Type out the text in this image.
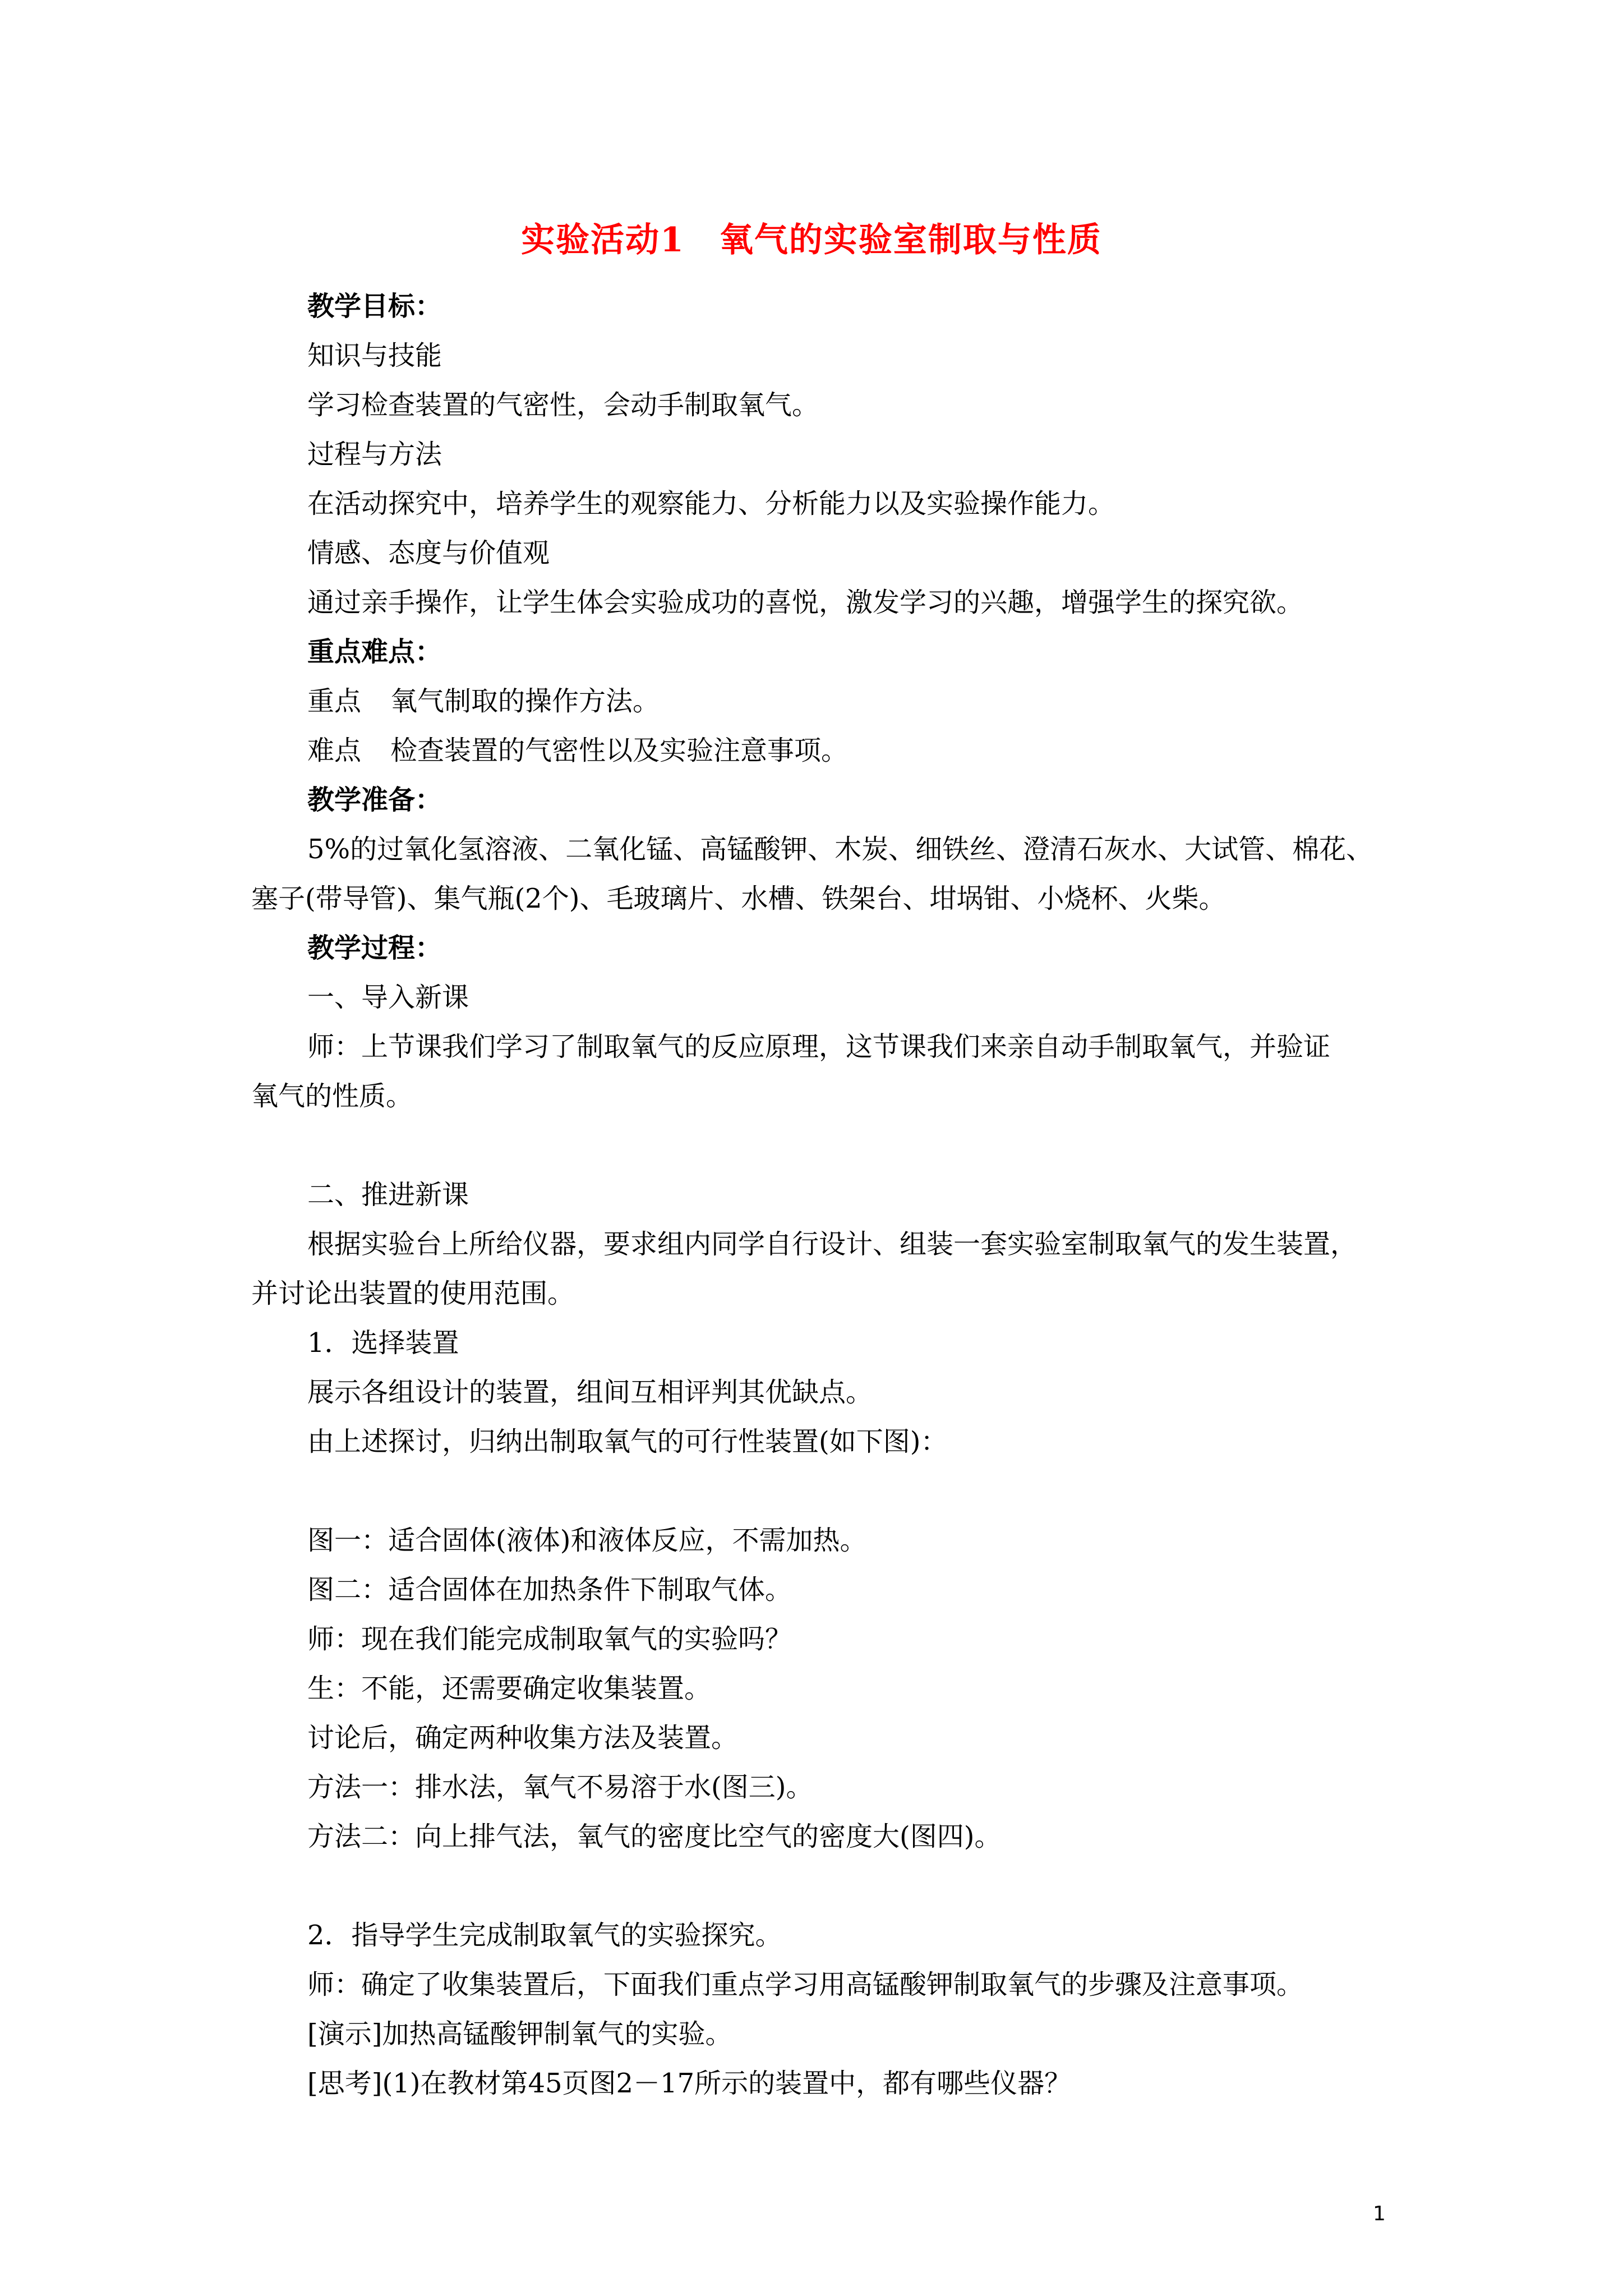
实验活动1　氧气的实验室制取与性质
教学目标：
知识与技能
学习检查装置的气密性，会动手制取氧气。
过程与方法
在活动探究中，培养学生的观察能力、分析能力以及实验操作能力。
情感、态度与价值观
通过亲手操作，让学生体会实验成功的喜悦，激发学习的兴趣，增强学生的探究欲。
重点难点：
重点 氧气制取的操作方法。
难点 检查装置的气密性以及实验注意事项。
教学准备：
5%的过氧化氢溶液、二氧化锰、高锰酸钾、木炭、细铁丝、澄清石灰水、大试管、棉花、
塞子(带导管)、集气瓶(2个)、毛玻璃片、水槽、铁架台、坩埚钳、小烧杯、火柴。
教学过程：
一、导入新课
师：上节课我们学习了制取氧气的反应原理，这节课我们来亲自动手制取氧气，并验证
氧气的性质。
二、推进新课
根据实验台上所给仪器，要求组内同学自行设计、组装一套实验室制取氧气的发生装置，
并讨论出装置的使用范围。
1．选择装置
展示各组设计的装置，组间互相评判其优缺点。
由上述探讨，归纳出制取氧气的可行性装置(如下图)：
图一：适合固体(液体)和液体反应，不需加热。
图二：适合固体在加热条件下制取气体。
师：现在我们能完成制取氧气的实验吗？
生：不能，还需要确定收集装置。
讨论后，确定两种收集方法及装置。
方法一：排水法，氧气不易溶于水(图三)。
方法二：向上排气法，氧气的密度比空气的密度大(图四)。
2．指导学生完成制取氧气的实验探究。
师：确定了收集装置后，下面我们重点学习用高锰酸钾制取氧气的步骤及注意事项。
[演示]加热高锰酸钾制氧气的实验。
[思考](1)在教材第45页图2－17所示的装置中，都有哪些仪器？
1
